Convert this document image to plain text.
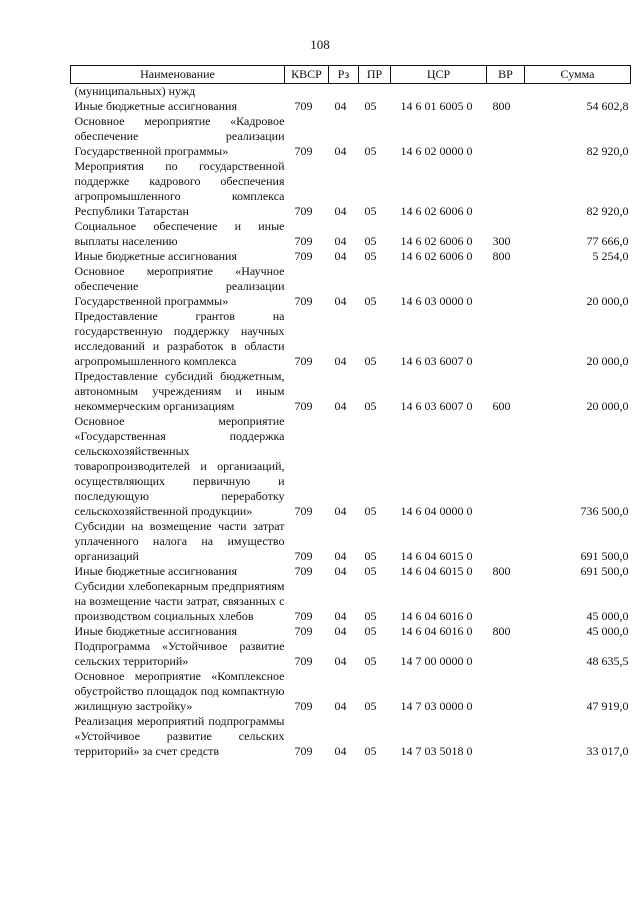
108
Наименование	КВСР	Рз	ПР	ЦСР	ВР	Сумма
(муниципальных) нужд						
Иные бюджетные ассигнования	709	04	05	14 6 01 6005 0	800	54 602,8
Основное мероприятие «Кадровое обеспечение реализации Государственной программы»	709	04	05	14 6 02 0000 0		82 920,0
Мероприятия по государственной поддержке кадрового обеспечения агропромышленного комплекса Республики Татарстан	709	04	05	14 6 02 6006 0		82 920,0
Социальное обеспечение и иные выплаты населению	709	04	05	14 6 02 6006 0	300	77 666,0
Иные бюджетные ассигнования	709	04	05	14 6 02 6006 0	800	5 254,0
Основное мероприятие «Научное обеспечение реализации Государственной программы»	709	04	05	14 6 03 0000 0		20 000,0
Предоставление грантов на государственную поддержку научных исследований и разработок в области агропромышленного комплекса	709	04	05	14 6 03 6007 0		20 000,0
Предоставление субсидий бюджетным, автономным учреждениям и иным некоммерческим организациям	709	04	05	14 6 03 6007 0	600	20 000,0
Основное мероприятие «Государственная поддержка сельскохозяйственных товаропроизводителей и организаций, осуществляющих первичную и последующую переработку сельскохозяйственной продукции»	709	04	05	14 6 04 0000 0		736 500,0
Субсидии на возмещение части затрат уплаченного налога на имущество организаций	709	04	05	14 6 04 6015 0		691 500,0
Иные бюджетные ассигнования	709	04	05	14 6 04 6015 0	800	691 500,0
Субсидии хлебопекарным предприятиям на возмещение части затрат, связанных с производством социальных хлебов	709	04	05	14 6 04 6016 0		45 000,0
Иные бюджетные ассигнования	709	04	05	14 6 04 6016 0	800	45 000,0
Подпрограмма «Устойчивое развитие сельских территорий»	709	04	05	14 7 00 0000 0		48 635,5
Основное мероприятие «Комплексное обустройство площадок под компактную жилищную застройку»	709	04	05	14 7 03 0000 0		47 919,0
Реализация мероприятий подпрограммы «Устойчивое развитие сельских территорий» за счет средств	709	04	05	14 7 03 5018 0		33 017,0
